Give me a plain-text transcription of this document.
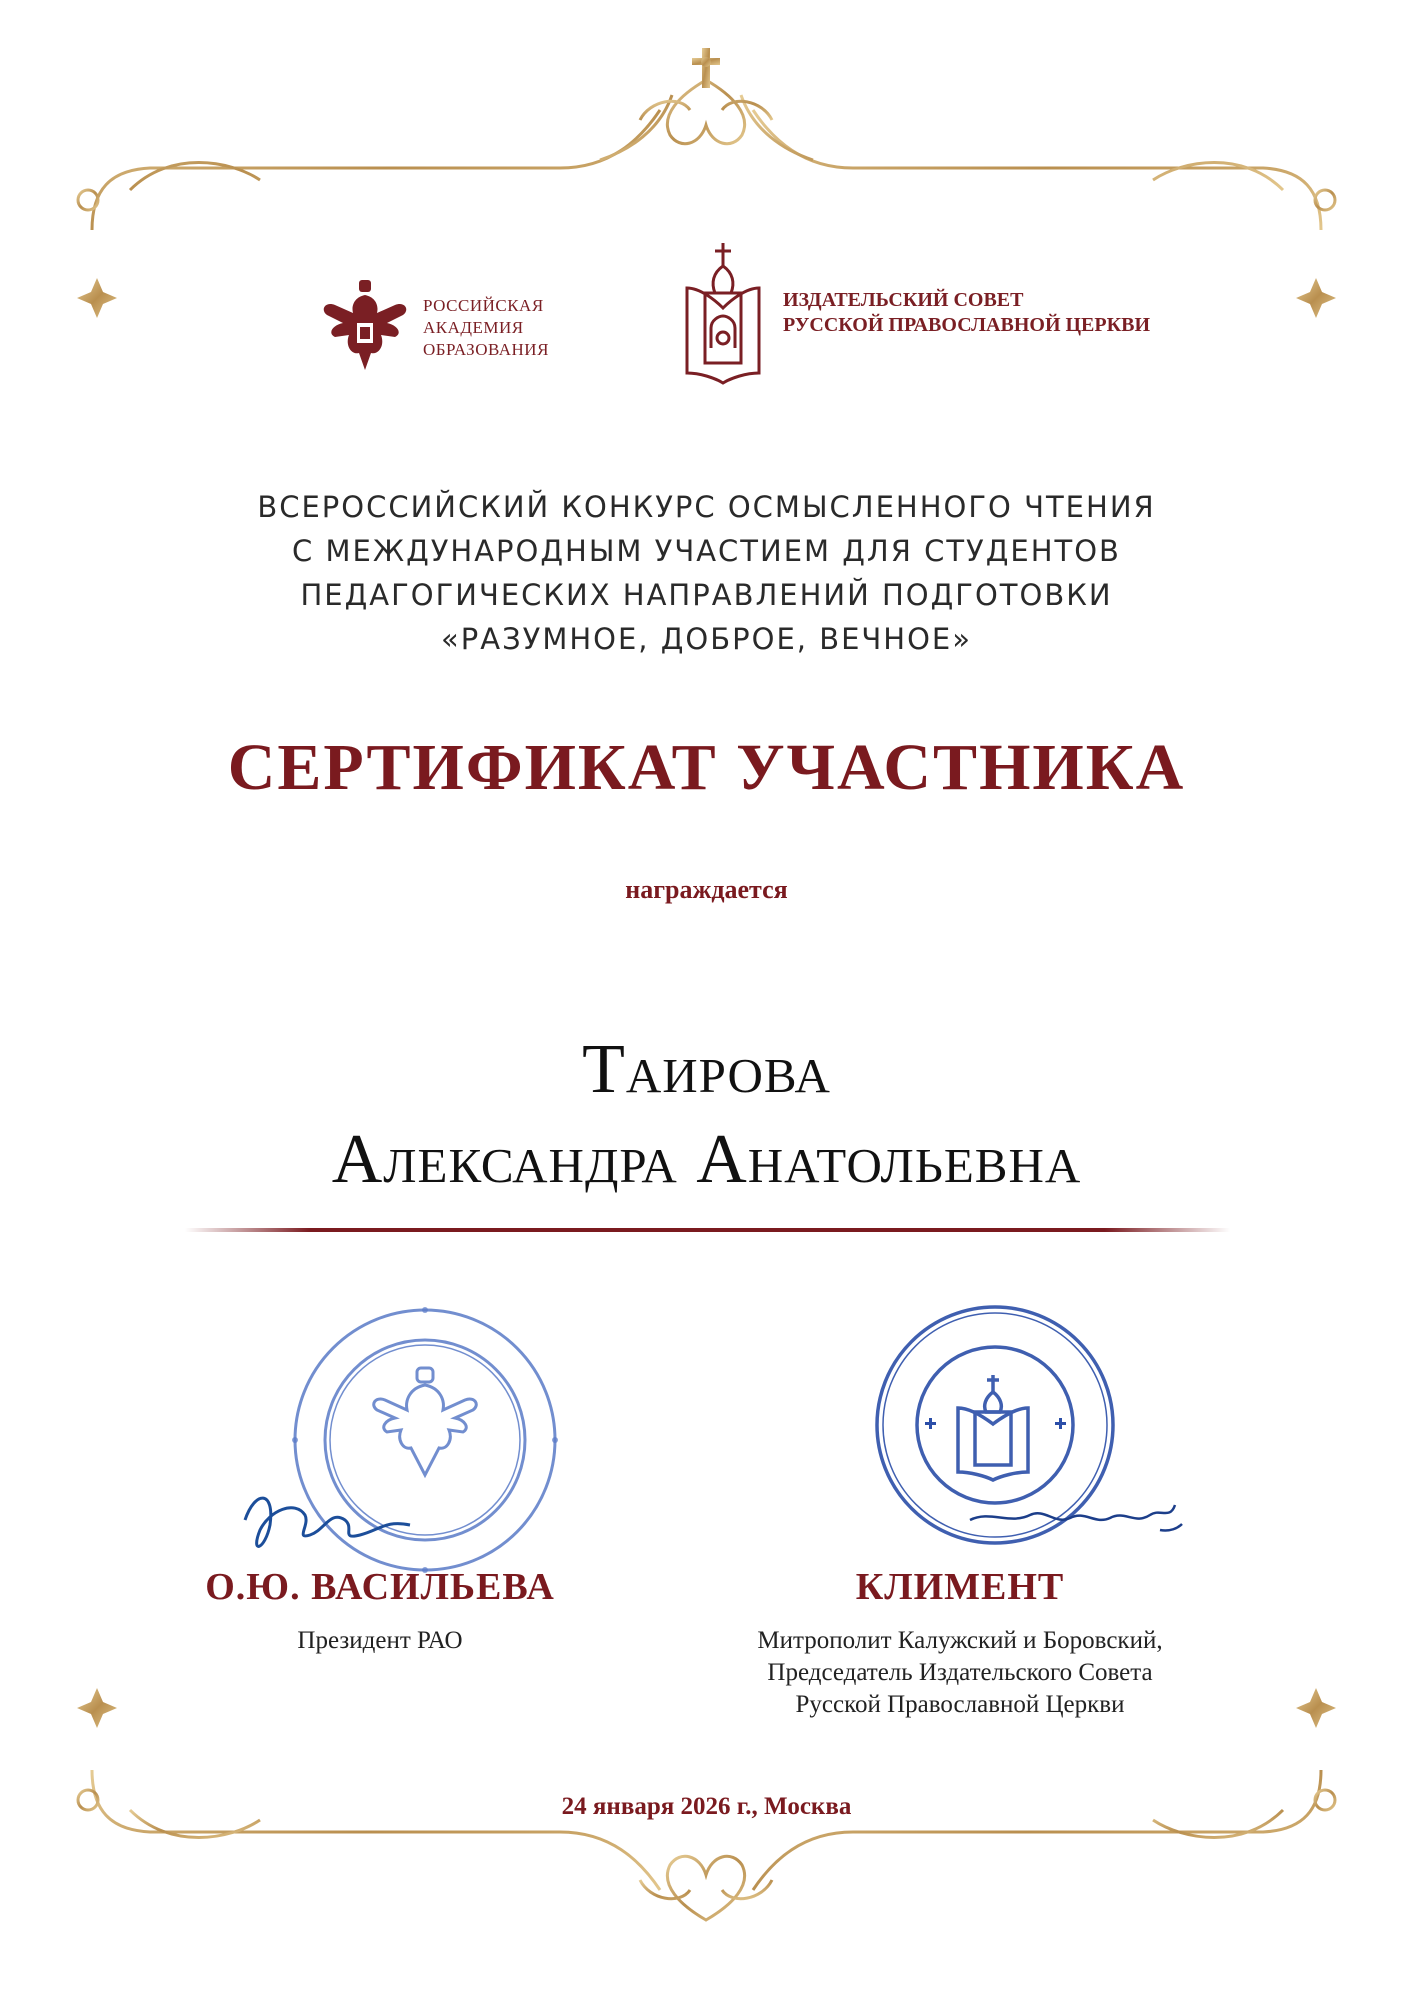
РОССИЙСКАЯ
АКАДЕМИЯ
ОБРАЗОВАНИЯ
ИЗДАТЕЛЬСКИЙ СОВЕТ
РУССКОЙ ПРАВОСЛАВНОЙ ЦЕРКВИ
ВСЕРОССИЙСКИЙ КОНКУРС ОСМЫСЛЕННОГО ЧТЕНИЯ
С МЕЖДУНАРОДНЫМ УЧАСТИЕМ ДЛЯ СТУДЕНТОВ
ПЕДАГОГИЧЕСКИХ НАПРАВЛЕНИЙ ПОДГОТОВКИ
«РАЗУМНОЕ, ДОБРОЕ, ВЕЧНОЕ»
СЕРТИФИКАТ УЧАСТНИКА
награждается
Таирова
Александра Анатольевна
О.Ю. ВАСИЛЬЕВА
Президент РАО
КЛИМЕНТ
Митрополит Калужский и Боровский,
Председатель Издательского Совета
Русской Православной Церкви
24 января 2026 г., Москва
